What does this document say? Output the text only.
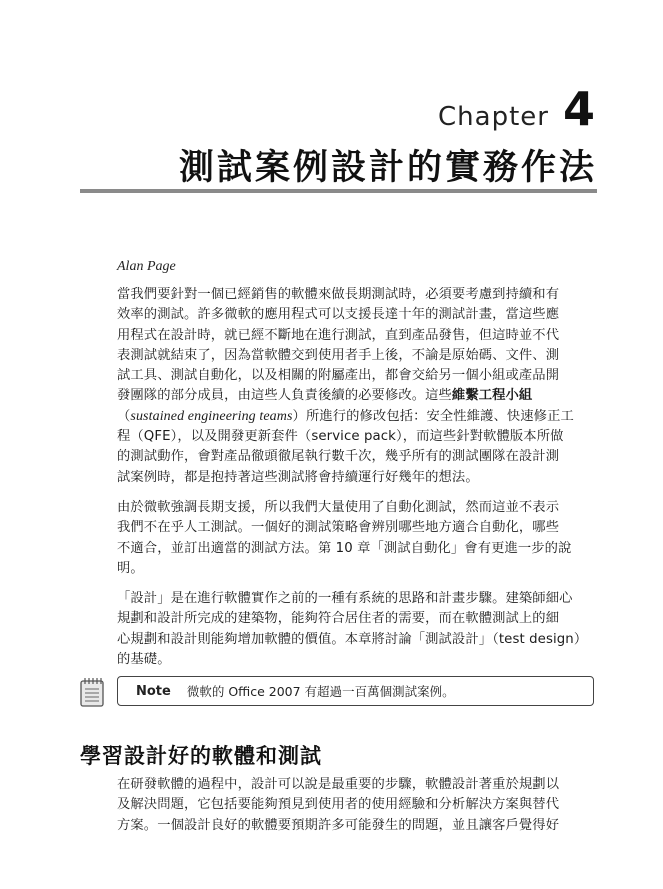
Chapter 4
測試案例設計的實務作法
Alan Page

當我們要針對一個已經銷售的軟體來做長期測試時，必須要考慮到持續和有
效率的測試。許多微軟的應用程式可以支援長達十年的測試計畫，當這些應
用程式在設計時，就已經不斷地在進行測試，直到產品發售，但這時並不代
表測試就結束了，因為當軟體交到使用者手上後，不論是原始碼、文件、測
試工具、測試自動化，以及相關的附屬產出，都會交給另一個小組或產品開
發團隊的部分成員，由這些人負責後續的必要修改。這些維繫工程小組
（sustained engineering teams）所進行的修改包括：安全性維護、快速修正工
程（QFE），以及開發更新套件（service pack），而這些針對軟體版本所做
的測試動作，會對產品徹頭徹尾執行數千次，幾乎所有的測試團隊在設計測
試案例時，都是抱持著這些測試將會持續運行好幾年的想法。

由於微軟強調長期支援，所以我們大量使用了自動化測試，然而這並不表示
我們不在乎人工測試。一個好的測試策略會辨別哪些地方適合自動化，哪些
不適合，並訂出適當的測試方法。第 10 章「測試自動化」會有更進一步的說
明。

「設計」是在進行軟體實作之前的一種有系統的思路和計畫步驟。建築師細心
規劃和設計所完成的建築物，能夠符合居住者的需要，而在軟體測試上的細
心規劃和設計則能夠增加軟體的價值。本章將討論「測試設計」（test design）
的基礎。

Note 微軟的 Office 2007 有超過一百萬個測試案例。
學習設計好的軟體和測試

在研發軟體的過程中，設計可以說是最重要的步驟，軟體設計著重於規劃以
及解決問題，它包括要能夠預見到使用者的使用經驗和分析解決方案與替代
方案。一個設計良好的軟體要預期許多可能發生的問題，並且讓客戶覺得好
